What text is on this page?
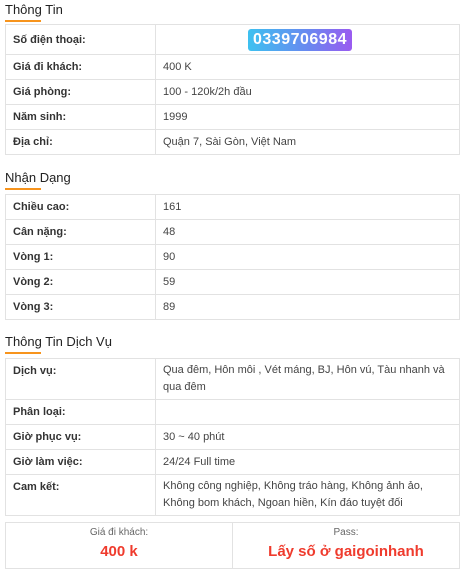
Thông Tin
Số điện thoại:	0339706984
Giá đi khách:	400 K
Giá phòng:	100 - 120k/2h đầu
Năm sinh:	1999
Địa chỉ:	Quận 7, Sài Gòn, Việt Nam
Nhận Dạng
Chiều cao:	161
Cân nặng:	48
Vòng 1:	90
Vòng 2:	59
Vòng 3:	89
Thông Tin Dịch Vụ
Dịch vụ:	Qua đêm, Hôn môi , Vét máng, BJ, Hôn vú, Tàu nhanh và qua đêm
Phân loại:
Giờ phục vụ:	30 ~ 40 phút
Giờ làm việc:	24/24 Full time
Cam kết:	Không công nghiệp, Không tráo hàng, Không ảnh ảo, Không bom khách, Ngoan hiền, Kín đáo tuyệt đối
Giá đi khách:
400 k
Pass:
Lấy số ở gaigoinhanh
